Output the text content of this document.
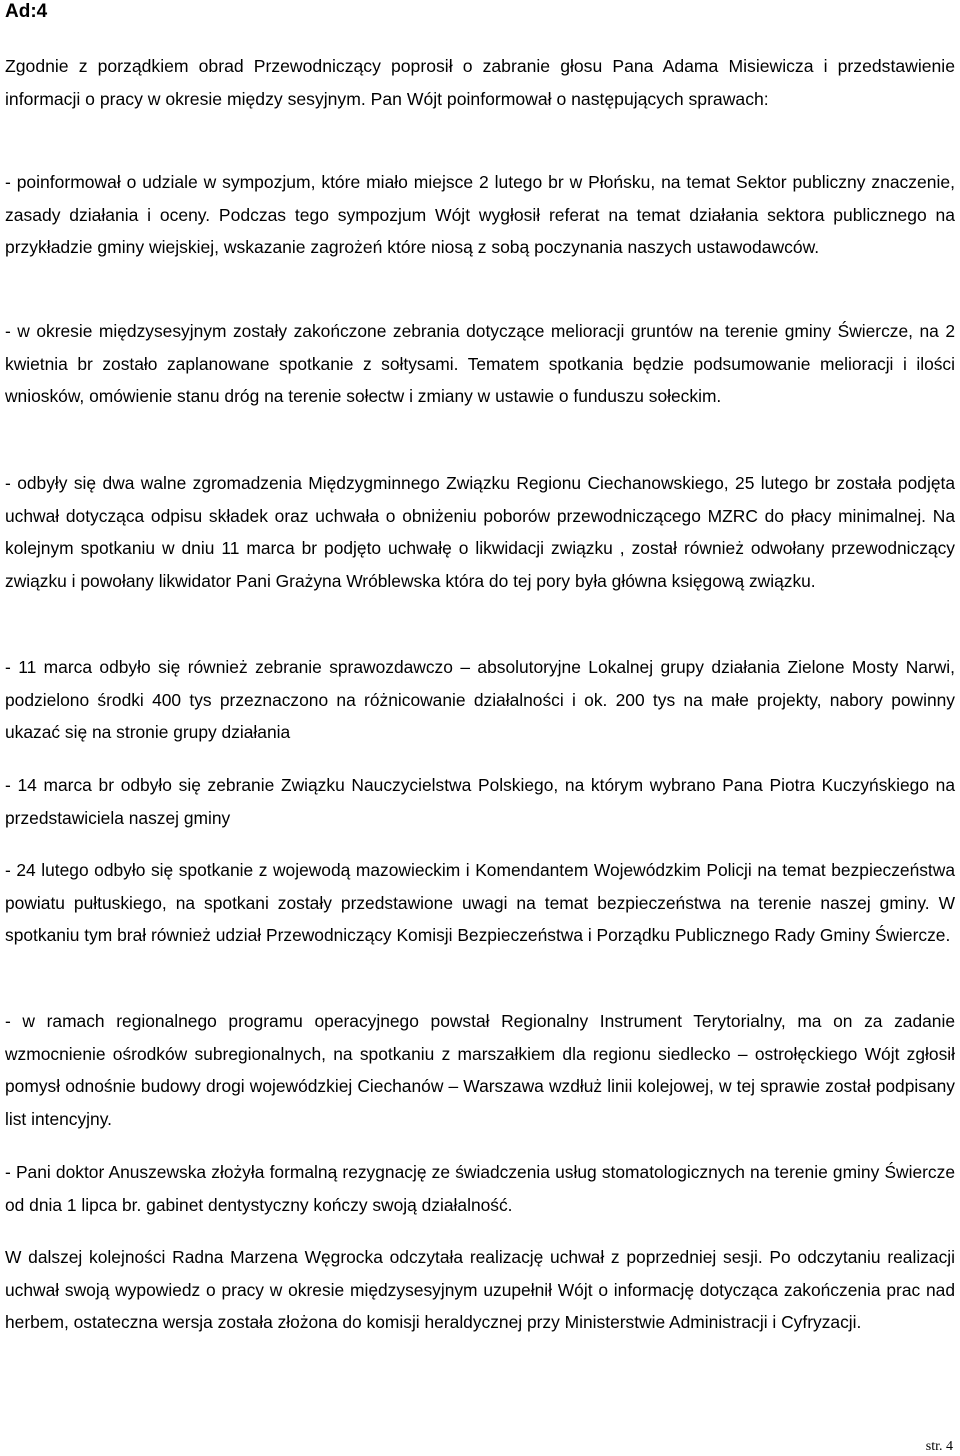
Ad:4

Zgodnie z porządkiem obrad Przewodniczący poprosił o zabranie głosu Pana Adama Misiewicza i przedstawienie informacji o pracy w okresie między sesyjnym. Pan Wójt poinformował o następujących sprawach:

- poinformował o udziale w sympozjum, które miało miejsce 2 lutego br w Płońsku, na temat Sektor publiczny znaczenie, zasady działania i oceny. Podczas tego sympozjum Wójt wygłosił referat na temat działania sektora publicznego na przykładzie gminy wiejskiej, wskazanie zagrożeń które niosą z sobą poczynania naszych ustawodawców.

- w okresie międzysesyjnym zostały zakończone zebrania dotyczące melioracji gruntów na terenie gminy Świercze, na 2 kwietnia br zostało zaplanowane spotkanie z sołtysami. Tematem spotkania będzie podsumowanie melioracji i ilości wniosków, omówienie stanu dróg na terenie sołectw i zmiany w ustawie o funduszu sołeckim.

- odbyły się dwa walne zgromadzenia Międzygminnego Związku Regionu Ciechanowskiego, 25 lutego br została podjęta uchwał dotycząca odpisu składek oraz uchwała o obniżeniu poborów przewodniczącego MZRC do płacy minimalnej. Na kolejnym spotkaniu w dniu 11 marca br podjęto uchwałę o likwidacji związku , został również odwołany przewodniczący związku i powołany likwidator Pani Grażyna Wróblewska która do tej pory była główna księgową związku.

- 11 marca odbyło się również zebranie sprawozdawczo – absolutoryjne Lokalnej grupy działania Zielone Mosty Narwi, podzielono środki 400 tys przeznaczono na różnicowanie działalności i ok. 200 tys na małe projekty, nabory powinny ukazać się na stronie grupy działania

- 14 marca br odbyło się zebranie Związku Nauczycielstwa Polskiego, na którym wybrano Pana Piotra Kuczyńskiego na przedstawiciela naszej gminy

- 24 lutego odbyło się spotkanie z wojewodą mazowieckim i Komendantem Wojewódzkim Policji na temat bezpieczeństwa powiatu pułtuskiego, na spotkani zostały przedstawione uwagi na temat bezpieczeństwa na terenie naszej gminy. W spotkaniu tym brał również udział Przewodniczący Komisji Bezpieczeństwa i Porządku Publicznego Rady Gminy Świercze.

- w ramach regionalnego programu operacyjnego powstał Regionalny Instrument Terytorialny, ma on za zadanie wzmocnienie ośrodków subregionalnych, na spotkaniu z marszałkiem dla regionu siedlecko – ostrołęckiego Wójt zgłosił pomysł odnośnie budowy drogi wojewódzkiej Ciechanów – Warszawa wzdłuż linii kolejowej, w tej sprawie został podpisany list intencyjny.

- Pani doktor Anuszewska złożyła formalną rezygnację ze świadczenia usług stomatologicznych na terenie gminy Świercze od dnia 1 lipca br. gabinet dentystyczny kończy swoją działalność.

W dalszej kolejności Radna Marzena Węgrocka odczytała realizację uchwał z poprzedniej sesji. Po odczytaniu realizacji uchwał swoją wypowiedz o pracy w okresie międzysesyjnym uzupełnił Wójt o informację dotycząca zakończenia prac nad herbem, ostateczna wersja została złożona do komisji heraldycznej przy Ministerstwie Administracji i Cyfryzacji.

str. 4
